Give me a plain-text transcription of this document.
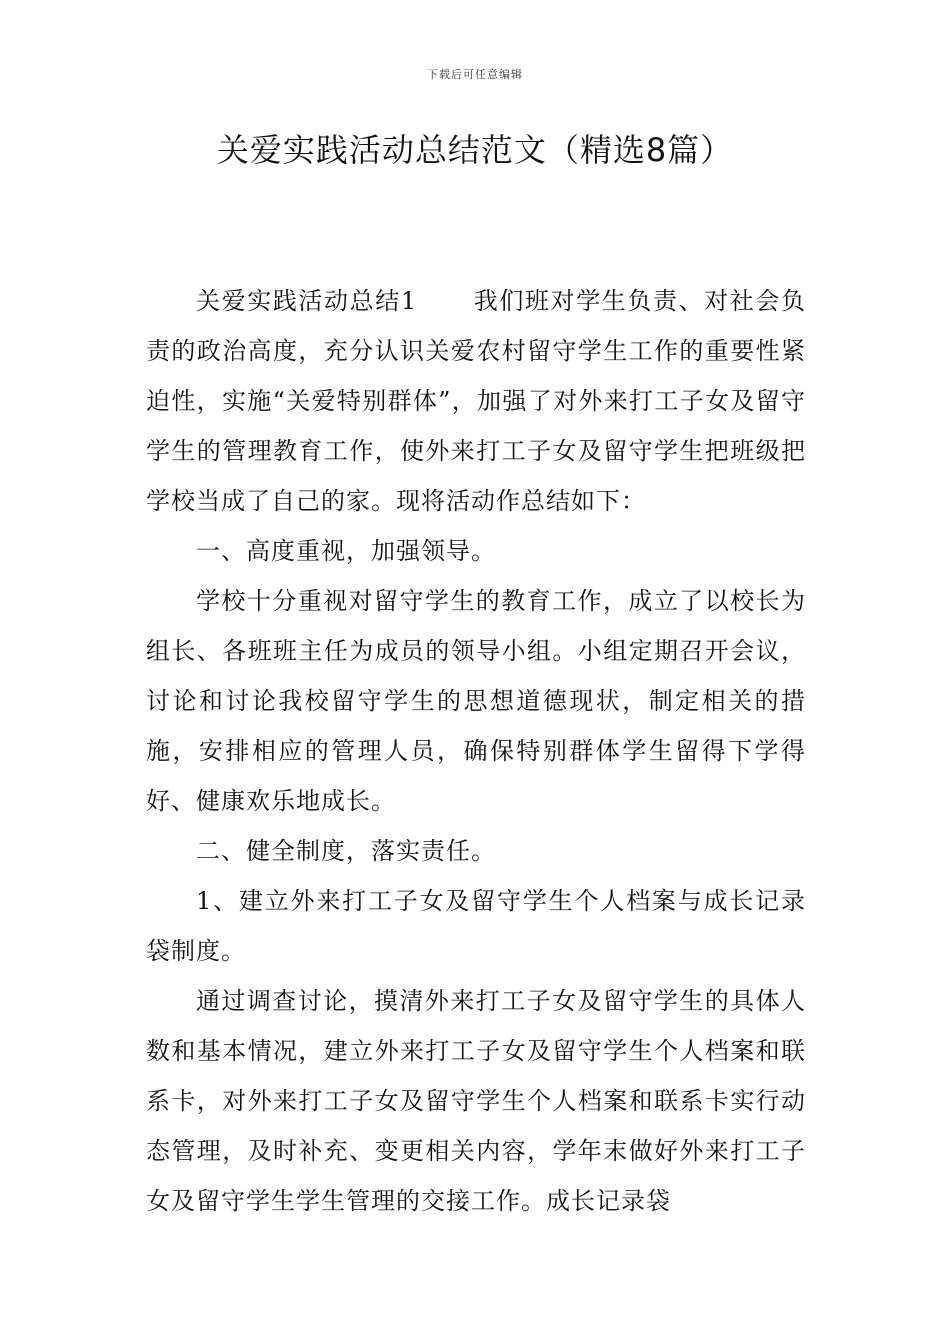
下载后可任意编辑
关爱实践活动总结范文（精选8篇）

关爱实践活动总结1 我们班对学生负责、对社会负责的政治高度，充分认识关爱农村留守学生工作的重要性紧迫性，实施“关爱特别群体”，加强了对外来打工子女及留守学生的管理教育工作，使外来打工子女及留守学生把班级把学校当成了自己的家。现将活动作总结如下：

一、高度重视，加强领导。

学校十分重视对留守学生的教育工作，成立了以校长为组长、各班班主任为成员的领导小组。小组定期召开会议，讨论和讨论我校留守学生的思想道德现状，制定相关的措施，安排相应的管理人员，确保特别群体学生留得下学得好、健康欢乐地成长。

二、健全制度，落实责任。

1、建立外来打工子女及留守学生个人档案与成长记录袋制度。

通过调查讨论，摸清外来打工子女及留守学生的具体人数和基本情况，建立外来打工子女及留守学生个人档案和联系卡，对外来打工子女及留守学生个人档案和联系卡实行动态管理，及时补充、变更相关内容，学年末做好外来打工子女及留守学生学生管理的交接工作。成长记录袋
